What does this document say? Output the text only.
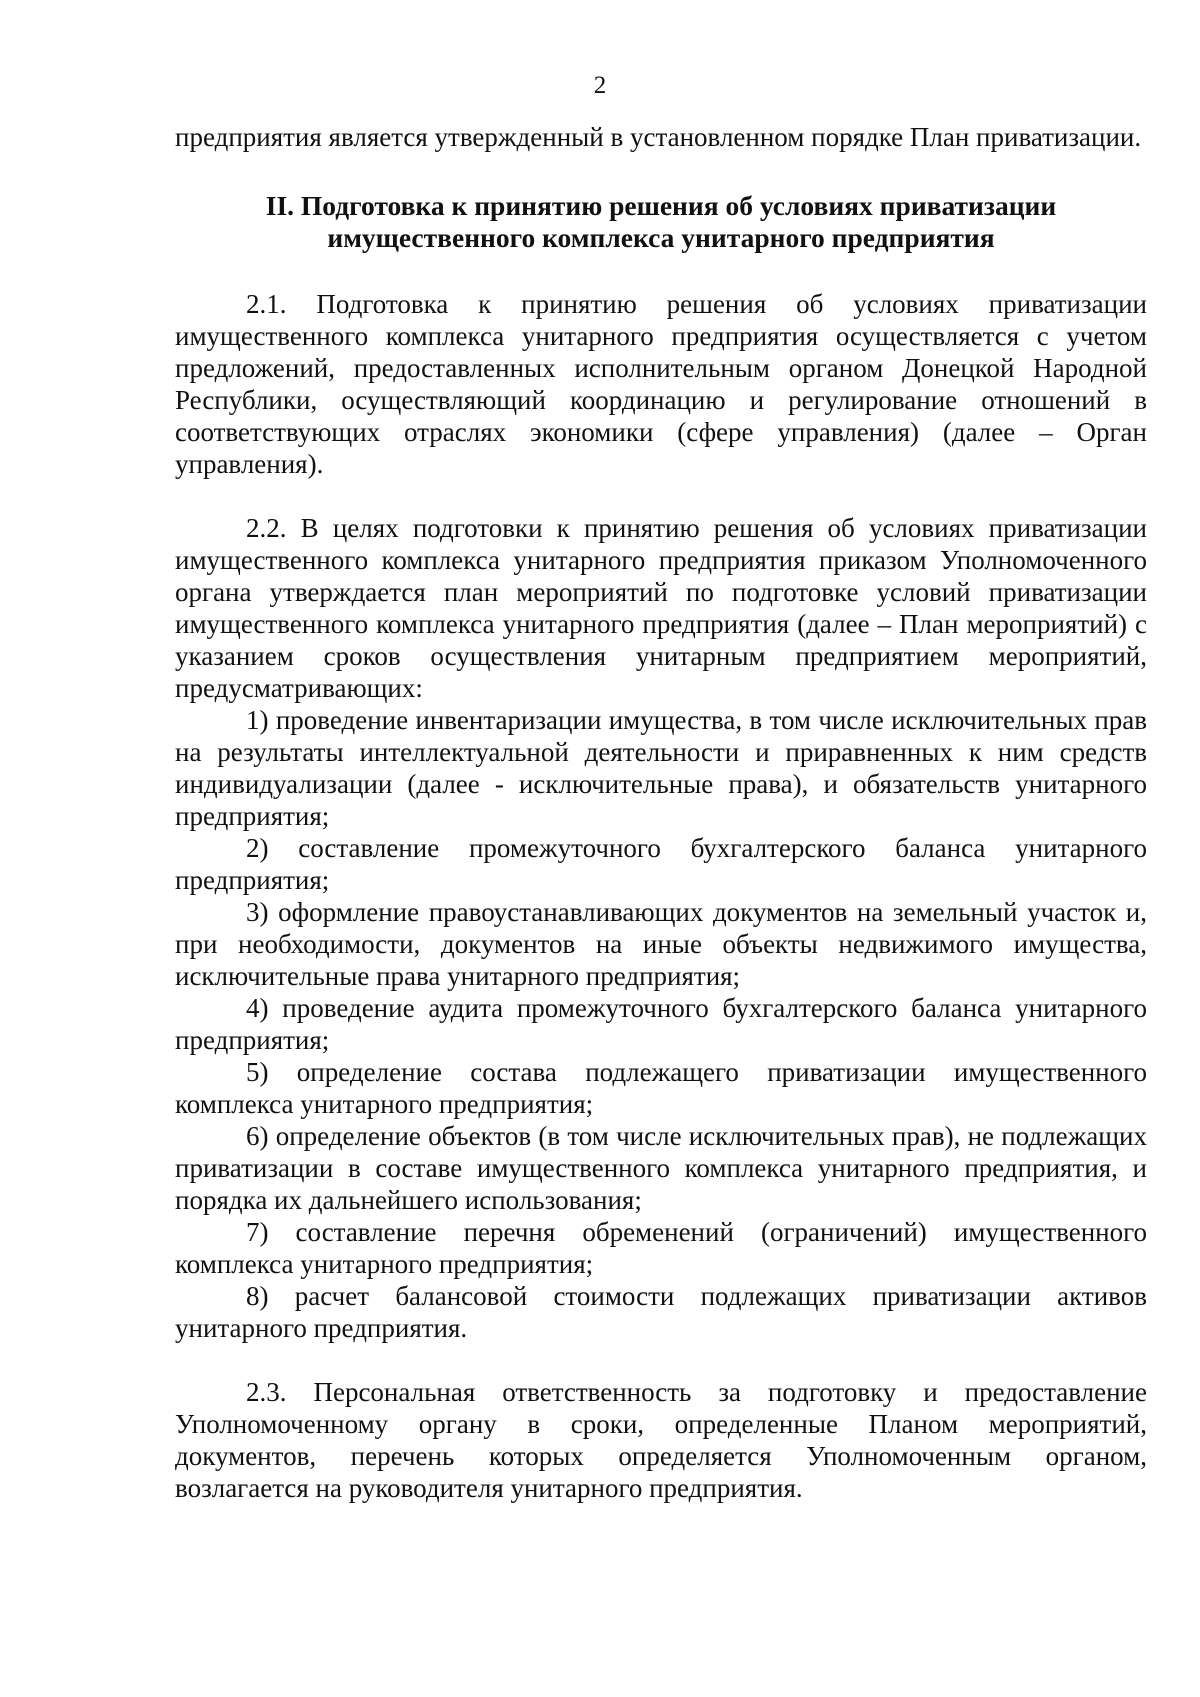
2

предприятия является утвержденный в установленном порядке План приватизации.

II. Подготовка к принятию решения об условиях приватизации
имущественного комплекса унитарного предприятия

2.1. Подготовка к принятию решения об условиях приватизации имущественного комплекса унитарного предприятия осуществляется с учетом предложений, предоставленных исполнительным органом Донецкой Народной Республики, осуществляющий координацию и регулирование отношений в соответствующих отраслях экономики (сфере управления) (далее – Орган управления).

2.2. В целях подготовки к принятию решения об условиях приватизации имущественного комплекса унитарного предприятия приказом Уполномоченного органа утверждается план мероприятий по подготовке условий приватизации имущественного комплекса унитарного предприятия (далее – План мероприятий) с указанием сроков осуществления унитарным предприятием мероприятий, предусматривающих:

1) проведение инвентаризации имущества, в том числе исключительных прав на результаты интеллектуальной деятельности и приравненных к ним средств индивидуализации (далее - исключительные права), и обязательств унитарного предприятия;

2) составление промежуточного бухгалтерского баланса унитарного предприятия;

3) оформление правоустанавливающих документов на земельный участок и, при необходимости, документов на иные объекты недвижимого имущества, исключительные права унитарного предприятия;

4) проведение аудита промежуточного бухгалтерского баланса унитарного предприятия;

5) определение состава подлежащего приватизации имущественного комплекса унитарного предприятия;

6) определение объектов (в том числе исключительных прав), не подлежащих приватизации в составе имущественного комплекса унитарного предприятия, и порядка их дальнейшего использования;

7) составление перечня обременений (ограничений) имущественного комплекса унитарного предприятия;

8) расчет балансовой стоимости подлежащих приватизации активов унитарного предприятия.

2.3. Персональная ответственность за подготовку и предоставление Уполномоченному органу в сроки, определенные Планом мероприятий, документов, перечень которых определяется Уполномоченным органом, возлагается на руководителя унитарного предприятия.
